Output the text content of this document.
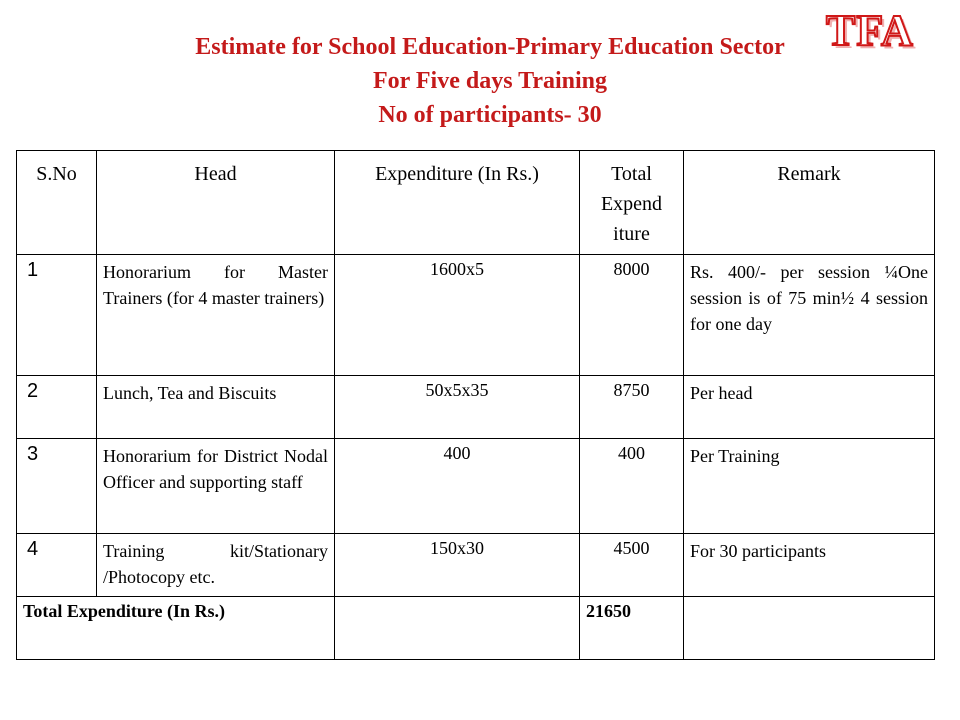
TFA
Estimate for School Education-Primary Education Sector
For Five days Training
No of participants- 30
S.No	Head	Expenditure (In Rs.)	Total Expend iture	Remark
1	Honorarium for Master Trainers (for 4 master trainers)	1600x5	8000	Rs. 400/- per session ¼One session is of 75 min½ 4 session for one day
2	Lunch, Tea and Biscuits	50x5x35	8750	Per head
3	Honorarium for District Nodal Officer and supporting staff	400	400	Per Training
4	Training kit/Stationary /Photocopy etc.	150x30	4500	For 30 participants
Total Expenditure (In Rs.)			21650	
